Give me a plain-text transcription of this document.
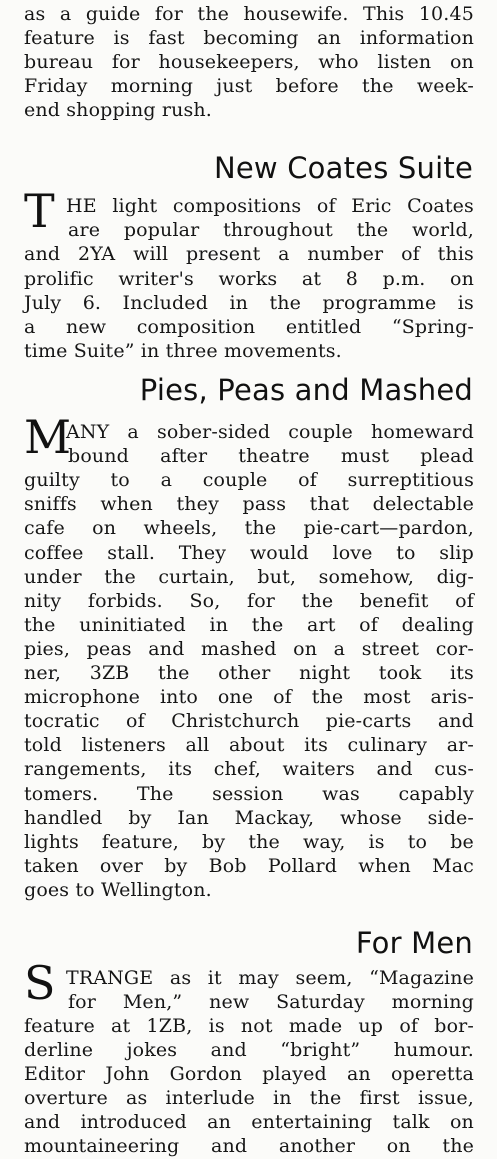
as a guide for the housewife. This 10.45
feature is fast becoming an information
bureau for housekeepers, who listen on
Friday morning just before the week-
end shopping rush.
New Coates Suite
T HE light compositions of Eric Coates
are popular throughout the world,
and 2YA will present a number of this
prolific writer's works at 8 p.m. on
July 6. Included in the programme is
a new composition entitled “Spring-
time Suite” in three movements.
Pies, Peas and Mashed
M
ANY a sober-sided couple homeward
bound after theatre must plead
guilty to a couple of surreptitious
sniffs when they pass that delectable
cafe on wheels, the pie-cart—pardon,
coffee stall. They would love to slip
under the curtain, but, somehow, dig-
nity forbids. So, for the benefit of
the uninitiated in the art of dealing
pies, peas and mashed on a street cor-
ner, 3ZB the other night took its
microphone into one of the most aris-
tocratic of Christchurch pie-carts and
told listeners all about its culinary ar-
rangements, its chef, waiters and cus-
tomers. The session was capably
handled by Ian Mackay, whose side-
lights feature, by the way, is to be
taken over by Bob Pollard when Mac
goes to Wellington.
For Men
S TRANGE as it may seem, “Magazine
for Men,” new Saturday morning
feature at 1ZB, is not made up of bor-
derline jokes and “bright” humour.
Editor John Gordon played an operetta
overture as interlude in the first issue,
and introduced an entertaining talk on
mountaineering and another on the
